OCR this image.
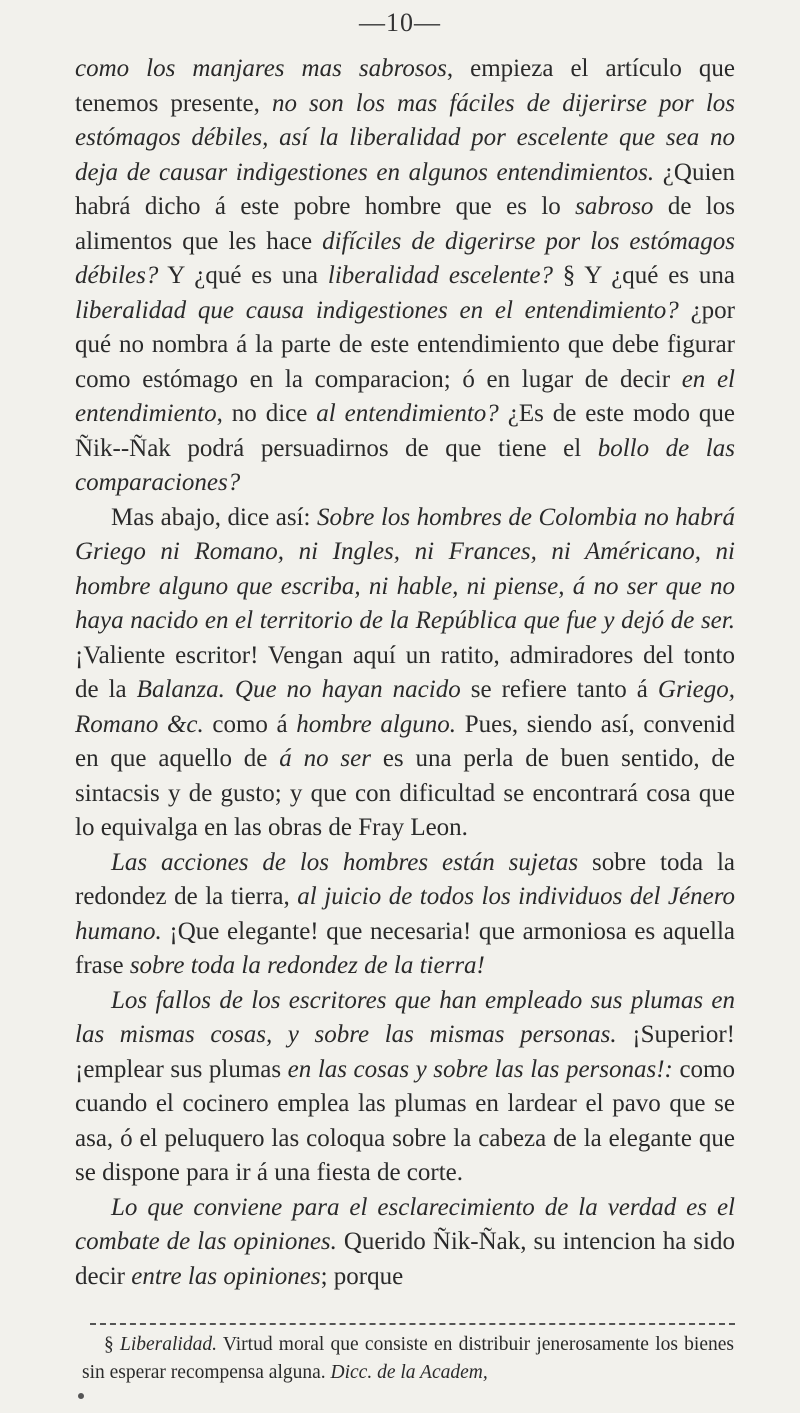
—10—

como los manjares mas sabrosos, empieza el artículo que tenemos presente, no son los mas fáciles de dijerirse por los estómagos débiles, así la liberalidad por escelente que sea no deja de causar indigestiones en algunos entendimientos. ¿Quien habrá dicho á este pobre hombre que es lo sabroso de los alimentos que les hace difíciles de digerirse por los estómagos débiles? Y ¿qué es una liberalidad escelente? § Y ¿qué es una liberalidad que causa indigestiones en el entendimiento? ¿por qué no nombra á la parte de este entendimiento que debe figurar como estómago en la comparacion; ó en lugar de decir en el entendimiento, no dice al entendimiento? ¿Es de este modo que Ñik--Ñak podrá persuadirnos de que tiene el bollo de las comparaciones?

Mas abajo, dice así: Sobre los hombres de Colombia no habrá Griego ni Romano, ni Ingles, ni Frances, ni Américano, ni hombre alguno que escriba, ni hable, ni piense, á no ser que no haya nacido en el territorio de la República que fue y dejó de ser. ¡Valiente escritor! Vengan aquí un ratito, admiradores del tonto de la Balanza. Que no hayan nacido se refiere tanto á Griego, Romano &c. como á hombre alguno. Pues, siendo así, convenid en que aquello de á no ser es una perla de buen sentido, de sintacsis y de gusto; y que con dificultad se encontrará cosa que lo equivalga en las obras de Fray Leon.

Las acciones de los hombres están sujetas sobre toda la redondez de la tierra, al juicio de todos los individuos del Jénero humano. ¡Que elegante! que necesaria! que armoniosa es aquella frase sobre toda la redondez de la tierra!

Los fallos de los escritores que han empleado sus plumas en las mismas cosas, y sobre las mismas personas. ¡Superior! ¡emplear sus plumas en las cosas y sobre las las personas!: como cuando el cocinero emplea las plumas en lardear el pavo que se asa, ó el peluquero las coloqua sobre la cabeza de la elegante que se dispone para ir á una fiesta de corte.

Lo que conviene para el esclarecimiento de la verdad es el combate de las opiniones. Querido Ñik-Ñak, su intencion ha sido decir entre las opiniones; porque

§ Liberalidad. Virtud moral que consiste en distribuir jenerosamente los bienes sin esperar recompensa alguna. Dicc. de la Academ,
